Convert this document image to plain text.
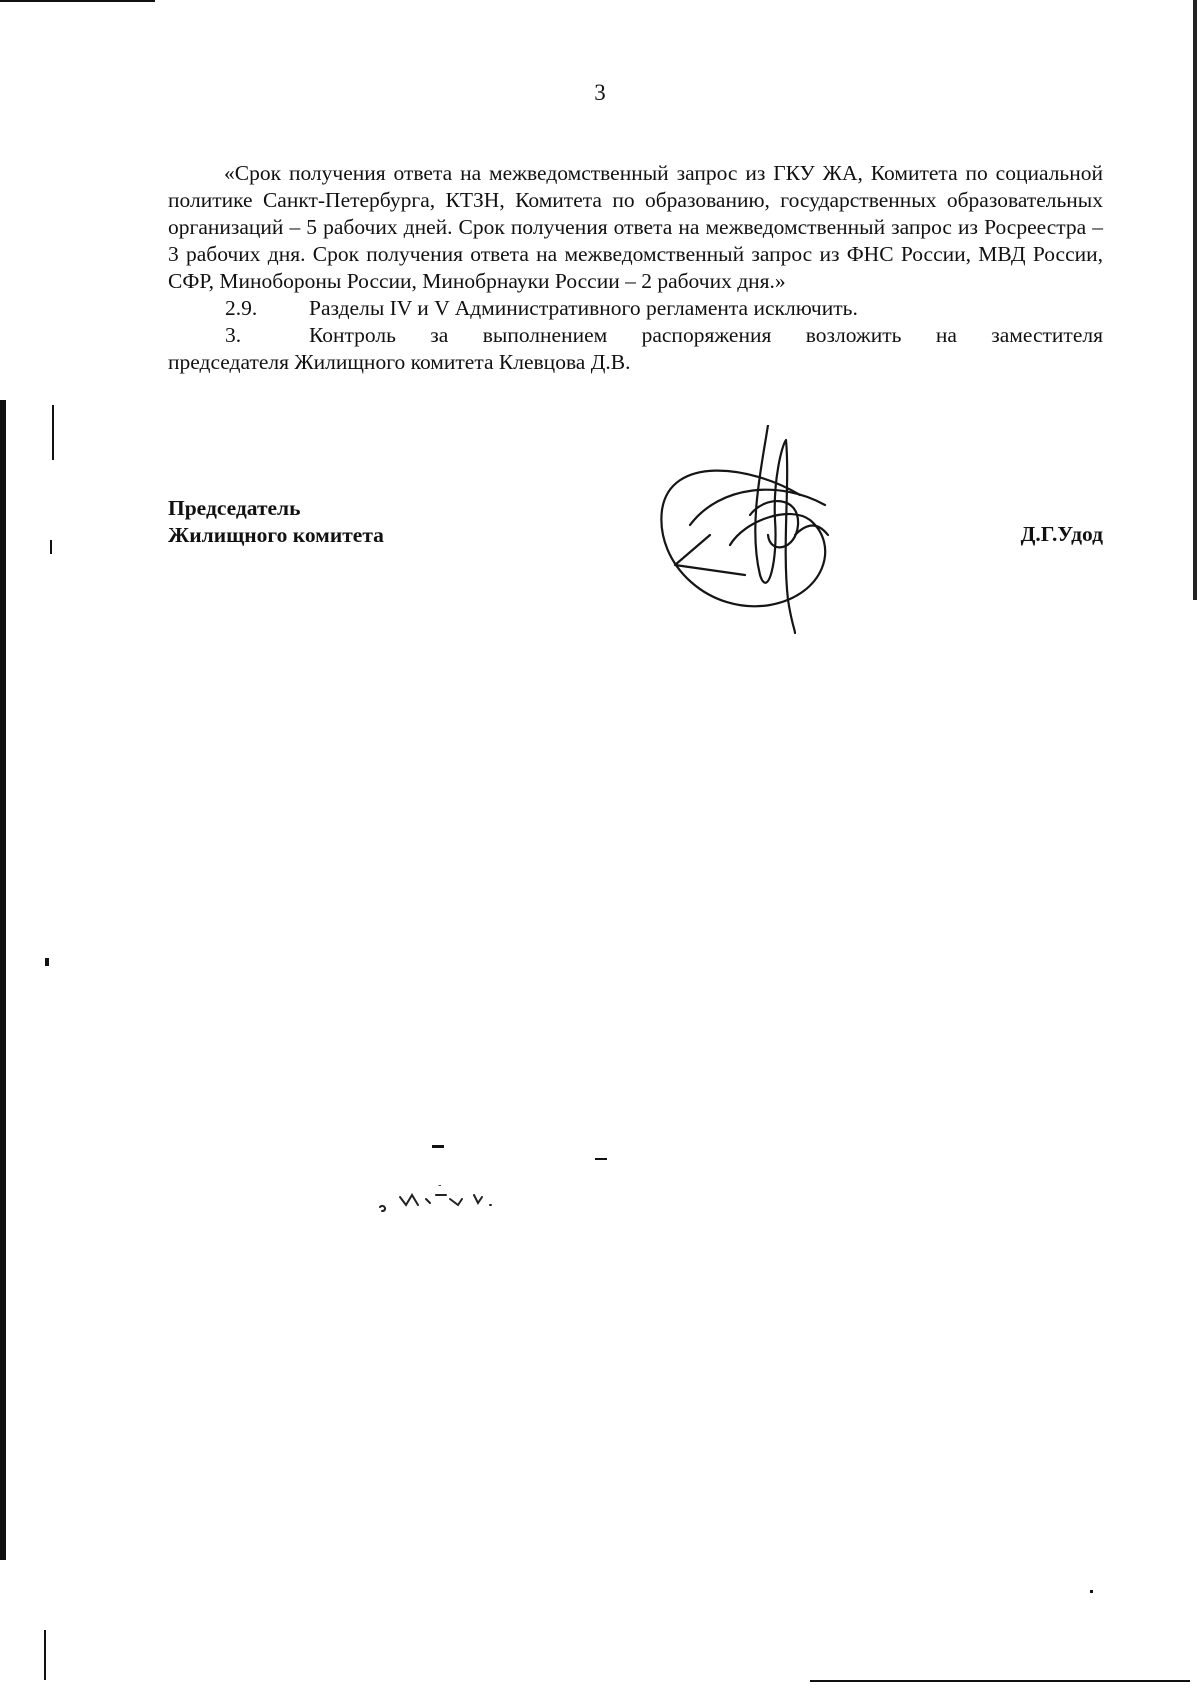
3

«Срок получения ответа на межведомственный запрос из ГКУ ЖА, Комитета по социальной политике Санкт-Петербурга, КТЗН, Комитета по образованию, государственных образовательных организаций – 5 рабочих дней. Срок получения ответа на межведомственный запрос из Росреестра – 3 рабочих дня. Срок получения ответа на межведомственный запрос из ФНС России, МВД России, СФР, Минобороны России, Минобрнауки России – 2 рабочих дня.»

2.9.	Разделы IV и V Административного регламента исключить.
3.	Контроль за выполнением распоряжения возложить на заместителя

председателя Жилищного комитета Клевцова Д.В.

Председатель
Жилищного комитета	Д.Г.Удод
